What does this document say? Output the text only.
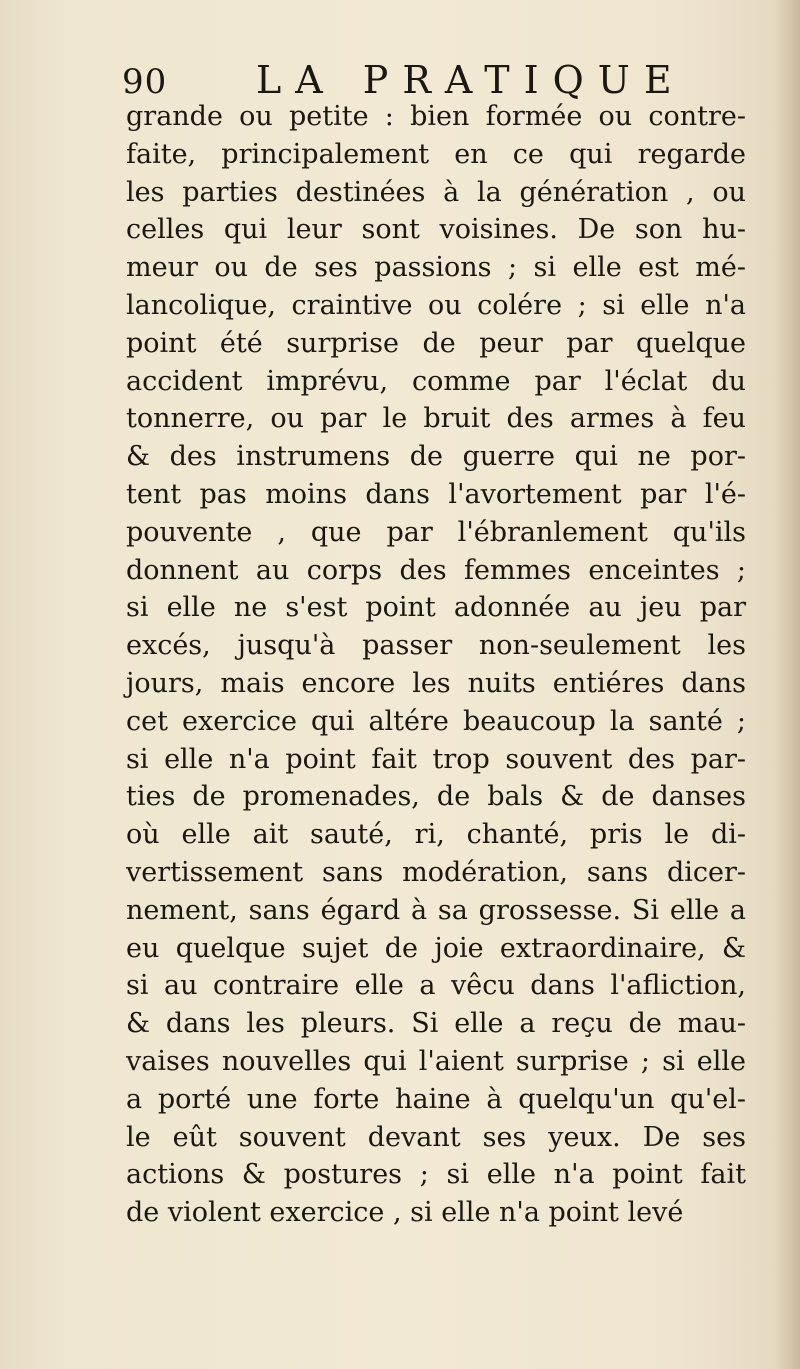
90 LA PRATIQUE
grande ou petite : bien formée ou contre-
faite, principalement en ce qui regarde
les parties destinées à la génération , ou
celles qui leur sont voisines. De son hu-
meur ou de ses passions ; si elle est mé-
lancolique, craintive ou colére ; si elle n'a
point été surprise de peur par quelque
accident imprévu, comme par l'éclat du
tonnerre, ou par le bruit des armes à feu
& des instrumens de guerre qui ne por-
tent pas moins dans l'avortement par l'é-
pouvente , que par l'ébranlement qu'ils
donnent au corps des femmes enceintes ;
si elle ne s'est point adonnée au jeu par
excés, jusqu'à passer non-seulement les
jours, mais encore les nuits entiéres dans
cet exercice qui altére beaucoup la santé ;
si elle n'a point fait trop souvent des par-
ties de promenades, de bals & de danses
où elle ait sauté, ri, chanté, pris le di-
vertissement sans modération, sans dicer-
nement, sans égard à sa grossesse. Si elle a
eu quelque sujet de joie extraordinaire, &
si au contraire elle a vêcu dans l'afliction,
& dans les pleurs. Si elle a reçu de mau-
vaises nouvelles qui l'aient surprise ; si elle
a porté une forte haine à quelqu'un qu'el-
le eût souvent devant ses yeux. De ses
actions & postures ; si elle n'a point fait
de violent exercice , si elle n'a point levé
